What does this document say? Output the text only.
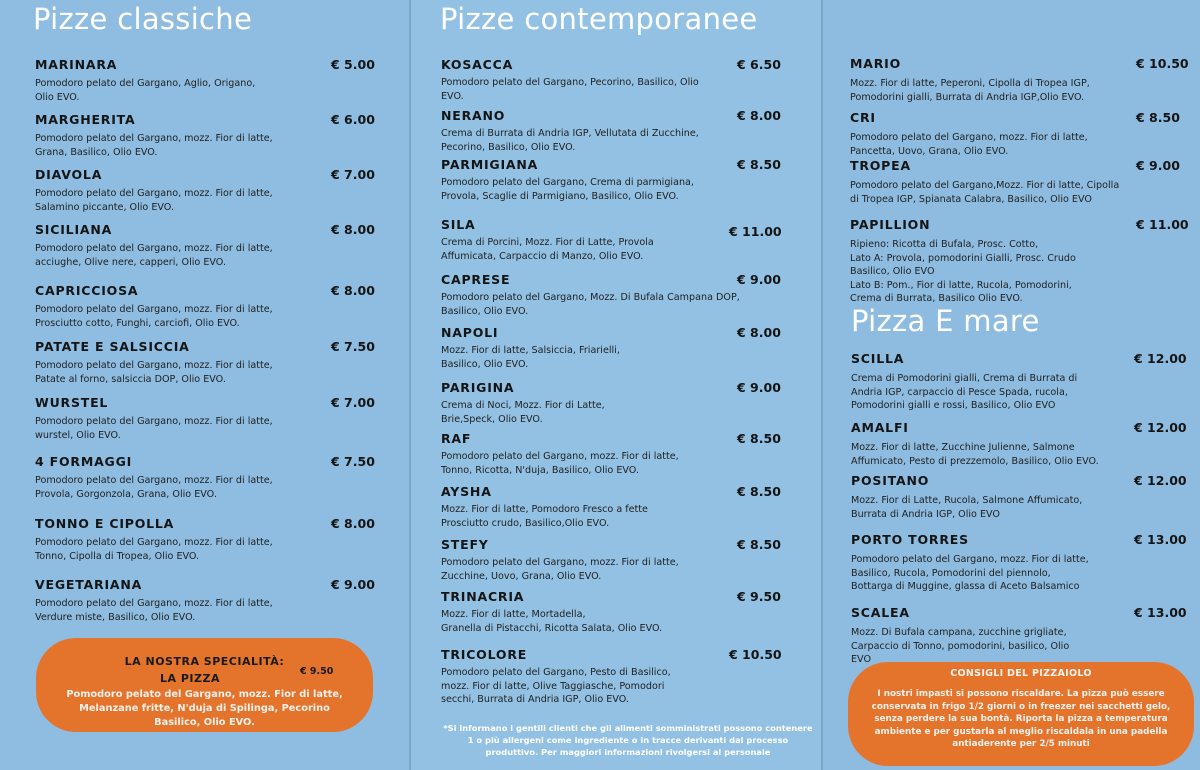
Pizze classiche	Pizze contemporanee
Pizza E mare
MARINARA	€ 5.00
Pomodoro pelato del Gargano, Aglio, Origano,
Olio EVO.
MARGHERITA	€ 6.00
Pomodoro pelato del Gargano, mozz. Fior di latte,
Grana, Basilico, Olio EVO.
DIAVOLA	€ 7.00
Pomodoro pelato del Gargano, mozz. Fior di latte,
Salamino piccante, Olio EVO.
SICILIANA	€ 8.00
Pomodoro pelato del Gargano, mozz. Fior di latte,
acciughe, Olive nere, capperi, Olio EVO.
CAPRICCIOSA	€ 8.00
Pomodoro pelato del Gargano, mozz. Fior di latte,
Prosciutto cotto, Funghi, carciofi, Olio EVO.
PATATE E SALSICCIA	€ 7.50
Pomodoro pelato del Gargano, mozz. Fior di latte,
Patate al forno, salsiccia DOP, Olio EVO.
WURSTEL	€ 7.00
Pomodoro pelato del Gargano, mozz. Fior di latte,
wurstel, Olio EVO.
4 FORMAGGI	€ 7.50
Pomodoro pelato del Gargano, mozz. Fior di latte,
Provola, Gorgonzola, Grana, Olio EVO.
TONNO E CIPOLLA	€ 8.00
Pomodoro pelato del Gargano, mozz. Fior di latte,
Tonno, Cipolla di Tropea, Olio EVO.
VEGETARIANA	€ 9.00
Pomodoro pelato del Gargano, mozz. Fior di latte,
Verdure miste, Basilico, Olio EVO.
KOSACCA	€ 6.50
Pomodoro pelato del Gargano, Pecorino, Basilico, Olio
EVO.
NERANO	€ 8.00
Crema di Burrata di Andria IGP, Vellutata di Zucchine,
Pecorino, Basilico, Olio EVO.
PARMIGIANA	€ 8.50
Pomodoro pelato del Gargano, Crema di parmigiana,
Provola, Scaglie di Parmigiano, Basilico, Olio EVO.
SILA	€ 11.00
Crema di Porcini, Mozz. Fior di Latte, Provola
Affumicata, Carpaccio di Manzo, Olio EVO.
CAPRESE	€ 9.00
Pomodoro pelato del Gargano, Mozz. Di Bufala Campana DOP,
Basilico, Olio EVO.
NAPOLI	€ 8.00
Mozz. Fior di latte, Salsiccia, Friarielli,
Basilico, Olio EVO.
PARIGINA	€ 9.00
Crema di Noci, Mozz. Fior di Latte,
Brie,Speck, Olio EVO.
RAF	€ 8.50
Pomodoro pelato del Gargano, mozz. Fior di latte,
Tonno, Ricotta, N'duja, Basilico, Olio EVO.
AYSHA	€ 8.50
Mozz. Fior di latte, Pomodoro Fresco a fette
Prosciutto crudo, Basilico,Olio EVO.
STEFY	€ 8.50
Pomodoro pelato del Gargano, mozz. Fior di latte,
Zucchine, Uovo, Grana, Olio EVO.
TRINACRIA	€ 9.50
Mozz. Fior di latte, Mortadella,
Granella di Pistacchi, Ricotta Salata, Olio EVO.
TRICOLORE	€ 10.50
Pomodoro pelato del Gargano, Pesto di Basilico,
mozz. Fior di latte, Olive Taggiasche, Pomodori
secchi, Burrata di Andria IGP, Olio EVO.
MARIO	€ 10.50
Mozz. Fior di latte, Peperoni, Cipolla di Tropea IGP,
Pomodorini gialli, Burrata di Andria IGP,Olio EVO.
CRI	€ 8.50
Pomodoro pelato del Gargano, mozz. Fior di latte,
Pancetta, Uovo, Grana, Olio EVO.
TROPEA	€ 9.00
Pomodoro pelato del Gargano,Mozz. Fior di latte, Cipolla
di Tropea IGP, Spianata Calabra, Basilico, Olio EVO
PAPILLION	€ 11.00
Ripieno: Ricotta di Bufala, Prosc. Cotto,
Lato A: Provola, pomodorini Gialli, Prosc. Crudo
Basilico, Olio EVO
Lato B: Pom., Fior di latte, Rucola, Pomodorini,
Crema di Burrata, Basilico Olio EVO.
SCILLA	€ 12.00
Crema di Pomodorini gialli, Crema di Burrata di
Andria IGP, carpaccio di Pesce Spada, rucola,
Pomodorini gialli e rossi, Basilico, Olio EVO
AMALFI	€ 12.00
Mozz. Fior di latte, Zucchine Julienne, Salmone
Affumicato, Pesto di prezzemolo, Basilico, Olio EVO.
POSITANO	€ 12.00
Mozz. Fior di Latte, Rucola, Salmone Affumicato,
Burrata di Andria IGP, Olio EVO
PORTO TORRES	€ 13.00
Pomodoro pelato del Gargano, mozz. Fior di latte,
Basilico, Rucola, Pomodorini del piennolo,
Bottarga di Muggine, glassa di Aceto Balsamico
SCALEA	€ 13.00
Mozz. Di Bufala campana, zucchine grigliate,
Carpaccio di Tonno, pomodorini, basilico, Olio
EVO
LA NOSTRA SPECIALITÀ:
LA PIZZA
€ 9.50
Pomodoro pelato del Gargano, mozz. Fior di latte,
Melanzane fritte, N'duja di Spilinga, Pecorino
Basilico, Olio EVO.	*Si informano i gentili clienti che gli alimenti somministrati possono contenere 1 o più allergeni come ingrediente o in tracce derivanti dal processo produttivo. Per maggiori informazioni rivolgersi al personale
CONSIGLI DEL PIZZAIOLO
I nostri impasti si possono riscaldare. La pizza può essere
conservata in frigo 1/2 giorni o in freezer nei sacchetti gelo,
senza perdere la sua bontà. Riporta la pizza a temperatura
ambiente e per gustarla al meglio riscaldala in una padella
antiaderente per 2/5 minuti
